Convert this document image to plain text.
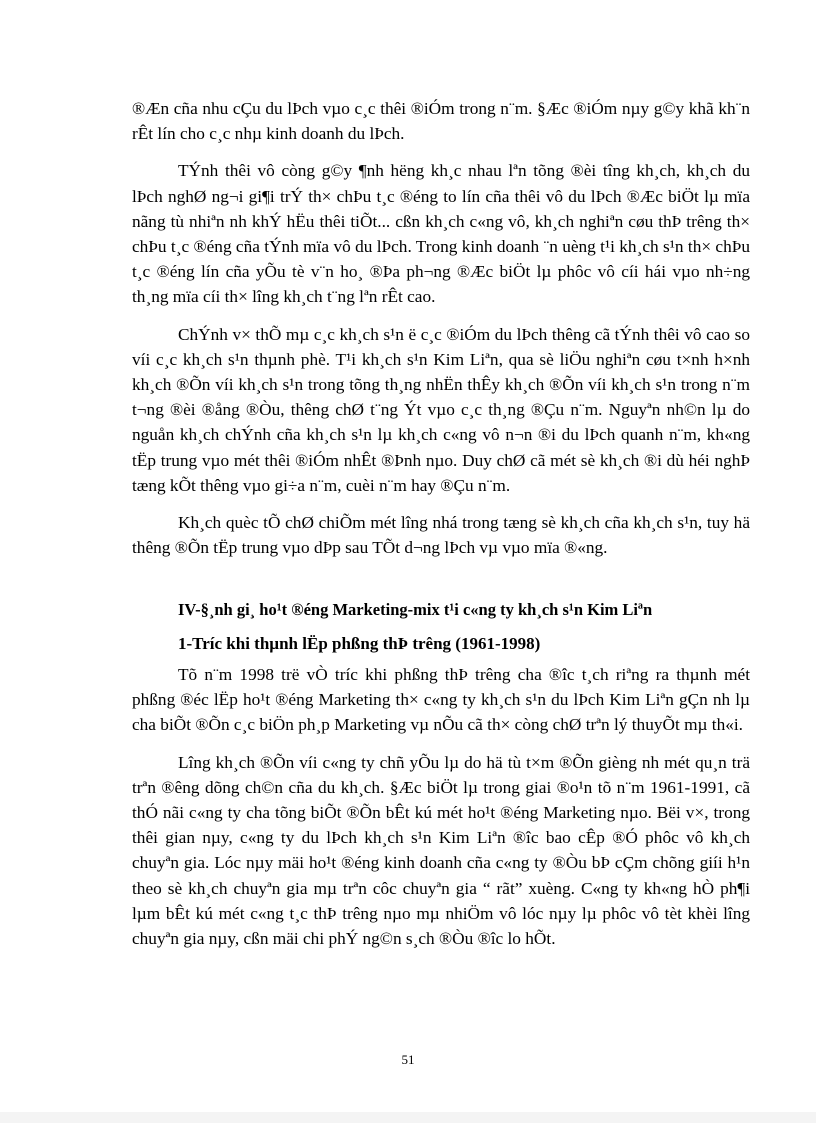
®Æn cña nhu cÇu du lÞch vµo c¸c thêi ®iÓm trong n¨m. §Æc ®iÓm nµy g©y khã kh¨n rÊt lín cho c¸c nhµ kinh doanh du lÞch.

TÝnh thêi vô còng g©y ¶nh hëng kh¸c nhau lªn tõng ®èi tîng kh¸ch, kh¸ch du lÞch nghØ ng¬i gi¶i trÝ th× chÞu t¸c ®éng to lín cña thêi vô du lÞch ®Æc biÖt lµ mïa nãng tù nhiªn nh khÝ hËu thêi tiÕt... cßn kh¸ch c«ng vô, kh¸ch nghiªn cøu thÞ trêng th× chÞu t¸c ®éng cña tÝnh mïa vô du lÞch. Trong kinh doanh ¨n uèng t¹i kh¸ch s¹n th× chÞu t¸c ®éng lín cña yÕu tè v¨n ho¸ ®Þa ph¬ng ®Æc biÖt lµ phôc vô cíi hái vµo nh÷ng th¸ng mïa cíi th× lîng kh¸ch t¨ng lªn rÊt cao.

ChÝnh v× thÕ mµ c¸c kh¸ch s¹n ë c¸c ®iÓm du lÞch thêng cã tÝnh thêi vô cao so víi c¸c kh¸ch s¹n thµnh phè. T¹i kh¸ch s¹n Kim Liªn, qua sè liÖu nghiªn cøu t×nh h×nh kh¸ch ®Õn víi kh¸ch s¹n trong tõng th¸ng nhËn thÊy kh¸ch ®Õn víi kh¸ch s¹n trong n¨m t¬ng ®èi ®ång ®Òu, thêng chØ t¨ng Ýt vµo c¸c th¸ng ®Çu n¨m. Nguyªn nh©n lµ do nguån kh¸ch chÝnh cña kh¸ch s¹n lµ kh¸ch c«ng vô n¬n ®i du lÞch quanh n¨m, kh«ng tËp trung vµo mét thêi ®iÓm nhÊt ®Þnh nµo. Duy chØ cã mét sè kh¸ch ®i dù héi nghÞ tæng kÕt thêng vµo gi÷a n¨m, cuèi n¨m hay ®Çu n¨m.

Kh¸ch quèc tÕ chØ chiÕm mét lîng nhá trong tæng sè kh¸ch cña kh¸ch s¹n, tuy hä thêng ®Õn tËp trung vµo dÞp sau TÕt d¬ng lÞch vµ vµo mïa ®«ng.

IV-§¸nh gi¸ ho¹t ®éng Marketing-mix t¹i c«ng ty kh¸ch s¹n Kim Liªn
1-Tríc khi thµnh lËp phßng thÞ trêng (1961-1998)

Tõ n¨m 1998 trë vÒ tríc khi phßng thÞ trêng cha ®îc t¸ch riªng ra thµnh mét phßng ®éc lËp ho¹t ®éng Marketing th× c«ng ty kh¸ch s¹n du lÞch Kim Liªn gÇn nh lµ cha biÕt ®Õn c¸c biÖn ph¸p Marketing vµ nÕu cã th× còng chØ trªn lý thuyÕt mµ th«i.

Lîng kh¸ch ®Õn víi c«ng ty chñ yÕu lµ do hä tù t×m ®Õn gièng nh mét qu¸n trä trªn ®êng dõng ch©n cña du kh¸ch. §Æc biÖt lµ trong giai ®o¹n tõ n¨m 1961-1991, cã thÓ nãi c«ng ty cha tõng biÕt ®Õn bÊt kú mét ho¹t ®éng Marketing nµo. Bëi v×, trong thêi gian nµy, c«ng ty du lÞch kh¸ch s¹n Kim Liªn ®îc bao cÊp ®Ó phôc vô kh¸ch chuyªn gia. Lóc nµy mäi ho¹t ®éng kinh doanh cña c«ng ty ®Òu bÞ cÇm chõng giíi h¹n theo sè kh¸ch chuyªn gia mµ trªn côc chuyªn gia “ rãt” xuèng. C«ng ty kh«ng hÒ ph¶i lµm bÊt kú mét c«ng t¸c thÞ trêng nµo mµ nhiÖm vô lóc nµy lµ phôc vô tèt khèi lîng chuyªn gia nµy, cßn mäi chi phÝ ng©n s¸ch ®Òu ®îc lo hÕt.

51
